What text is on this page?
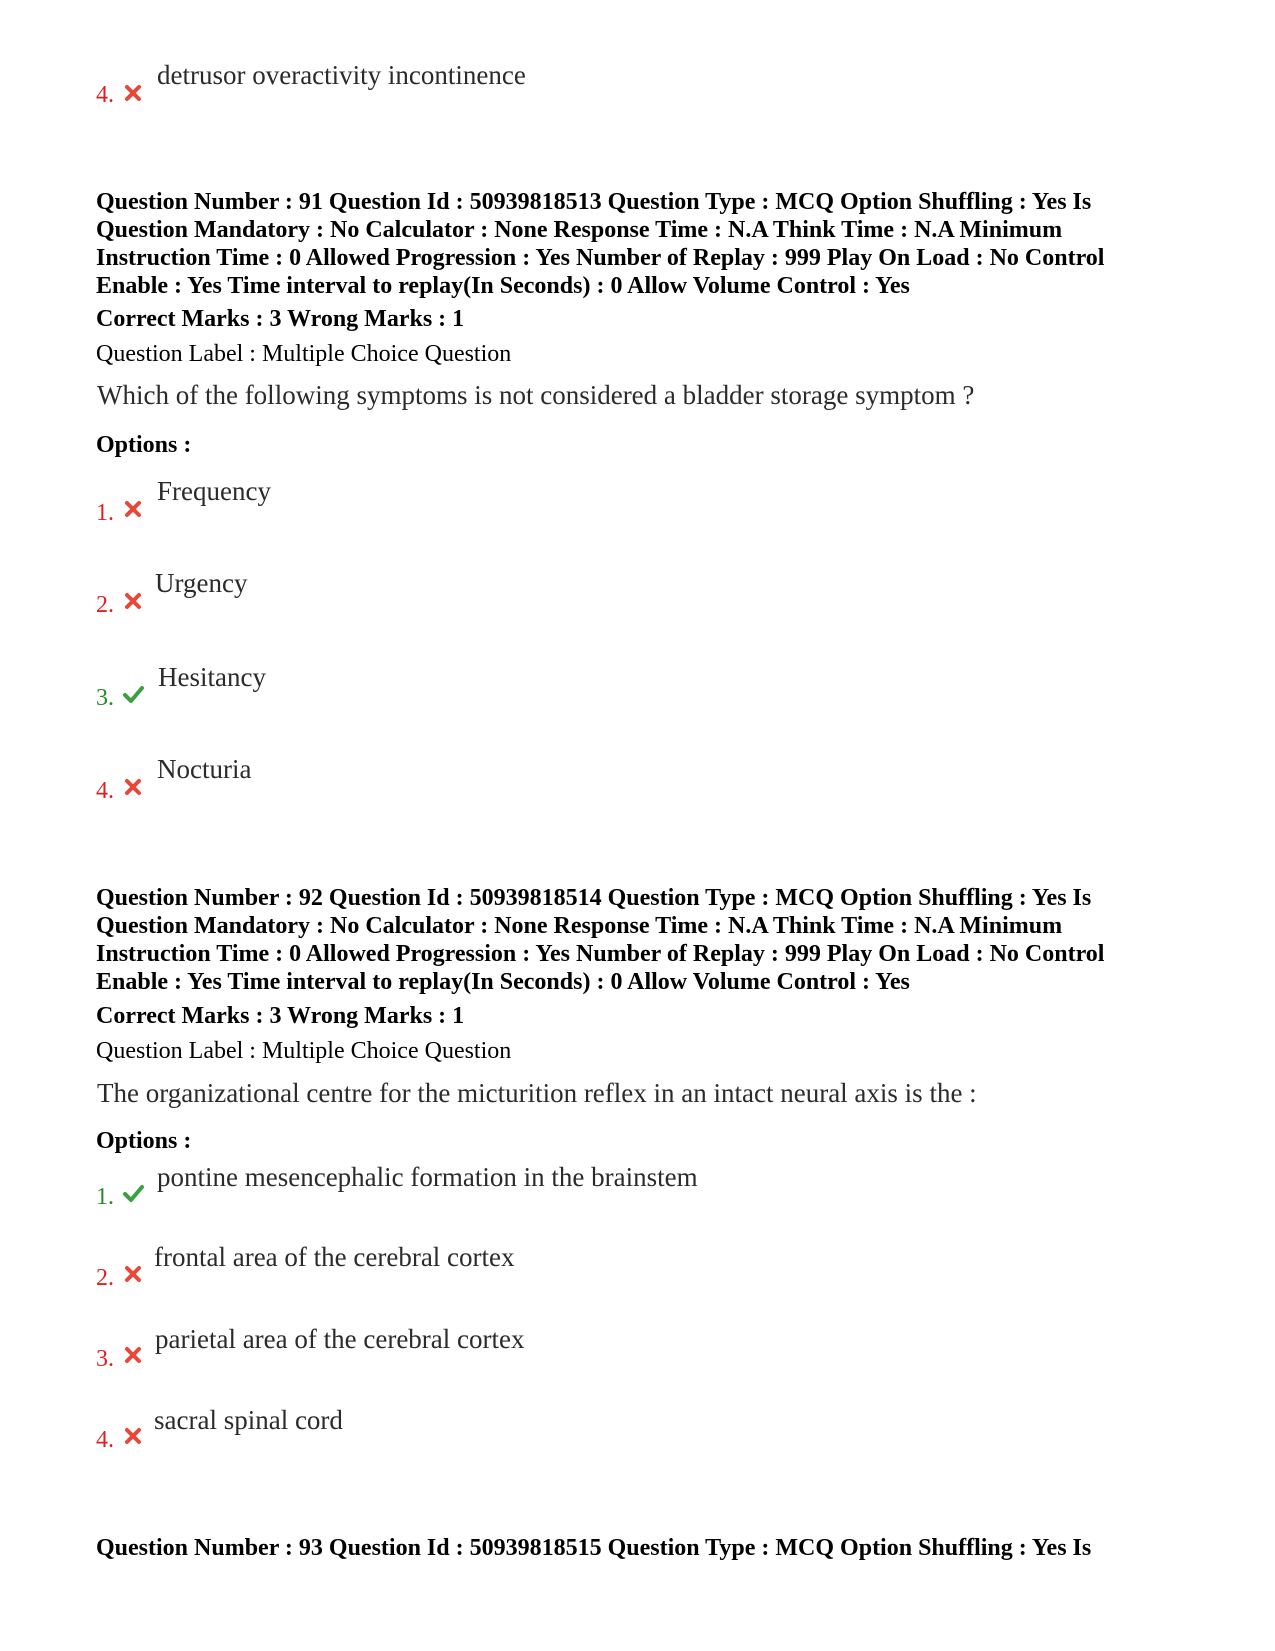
4.
detrusor overactivity incontinence
Question Number : 91 Question Id : 50939818513 Question Type : MCQ Option Shuffling : Yes Is
Question Mandatory : No Calculator : None Response Time : N.A Think Time : N.A Minimum
Instruction Time : 0 Allowed Progression : Yes Number of Replay : 999 Play On Load : No Control
Enable : Yes Time interval to replay(In Seconds) : 0 Allow Volume Control : Yes
Correct Marks : 3 Wrong Marks : 1
Question Label : Multiple Choice Question
Which of the following symptoms is not considered a bladder storage symptom ?
Options :
1.
Frequency
2.
Urgency
3.
Hesitancy
4.
Nocturia
Question Number : 92 Question Id : 50939818514 Question Type : MCQ Option Shuffling : Yes Is
Question Mandatory : No Calculator : None Response Time : N.A Think Time : N.A Minimum
Instruction Time : 0 Allowed Progression : Yes Number of Replay : 999 Play On Load : No Control
Enable : Yes Time interval to replay(In Seconds) : 0 Allow Volume Control : Yes
Correct Marks : 3 Wrong Marks : 1
Question Label : Multiple Choice Question
The organizational centre for the micturition reflex in an intact neural axis is the :
Options :
1.
pontine mesencephalic formation in the brainstem
2.
frontal area of the cerebral cortex
3.
parietal area of the cerebral cortex
4.
sacral spinal cord
Question Number : 93 Question Id : 50939818515 Question Type : MCQ Option Shuffling : Yes Is
